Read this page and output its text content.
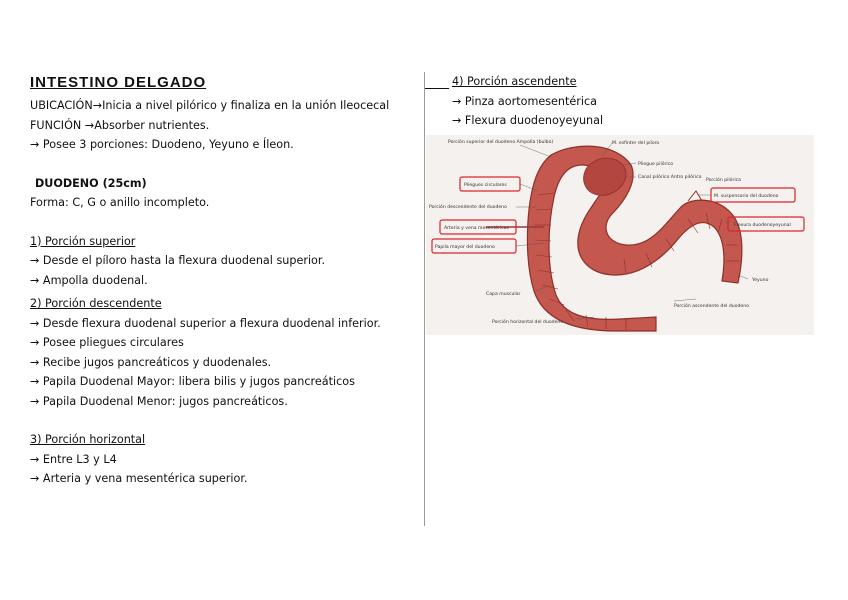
INTESTINO DELGADO
UBICACIÓN→Inicia a nivel pilórico y finaliza en la unión Ileocecal
FUNCIÓN →Absorber nutrientes.
→ Posee 3 porciones: Duodeno, Yeyuno e Íleon.
DUODENO (25cm)
Forma: C, G o anillo incompleto.
1) Porción superior
→ Desde el píloro hasta la flexura duodenal superior.
→ Ampolla duodenal.
2) Porción descendente
→ Desde flexura duodenal superior a flexura duodenal inferior.
→ Posee pliegues circulares
→ Recibe jugos pancreáticos y duodenales.
→ Papila Duodenal Mayor: libera bilis y jugos pancreáticos
→ Papila Duodenal Menor: jugos pancreáticos.
3) Porción horizontal
→ Entre L3 y L4
→ Arteria y vena mesentérica superior.
4) Porción ascendente
→ Pinza aortomesentérica
→ Flexura duodenoyeyunal
Porción superior del duodeno Ampolla (bulbo)
Pliegues circulares
Porción descendente del duodeno
Arteria y vena mesentéricas
Papila mayor del duodeno
Capa muscular
Porción horizontal del duodeno
M. esfínter del píloro
Pliegue pilórico
Canal pilórico Antro pilórico
Porción pilórica
M. suspensorio del duodeno
Flexura duodenoyeyunal
Yeyuno
Porción ascendente del duodeno
